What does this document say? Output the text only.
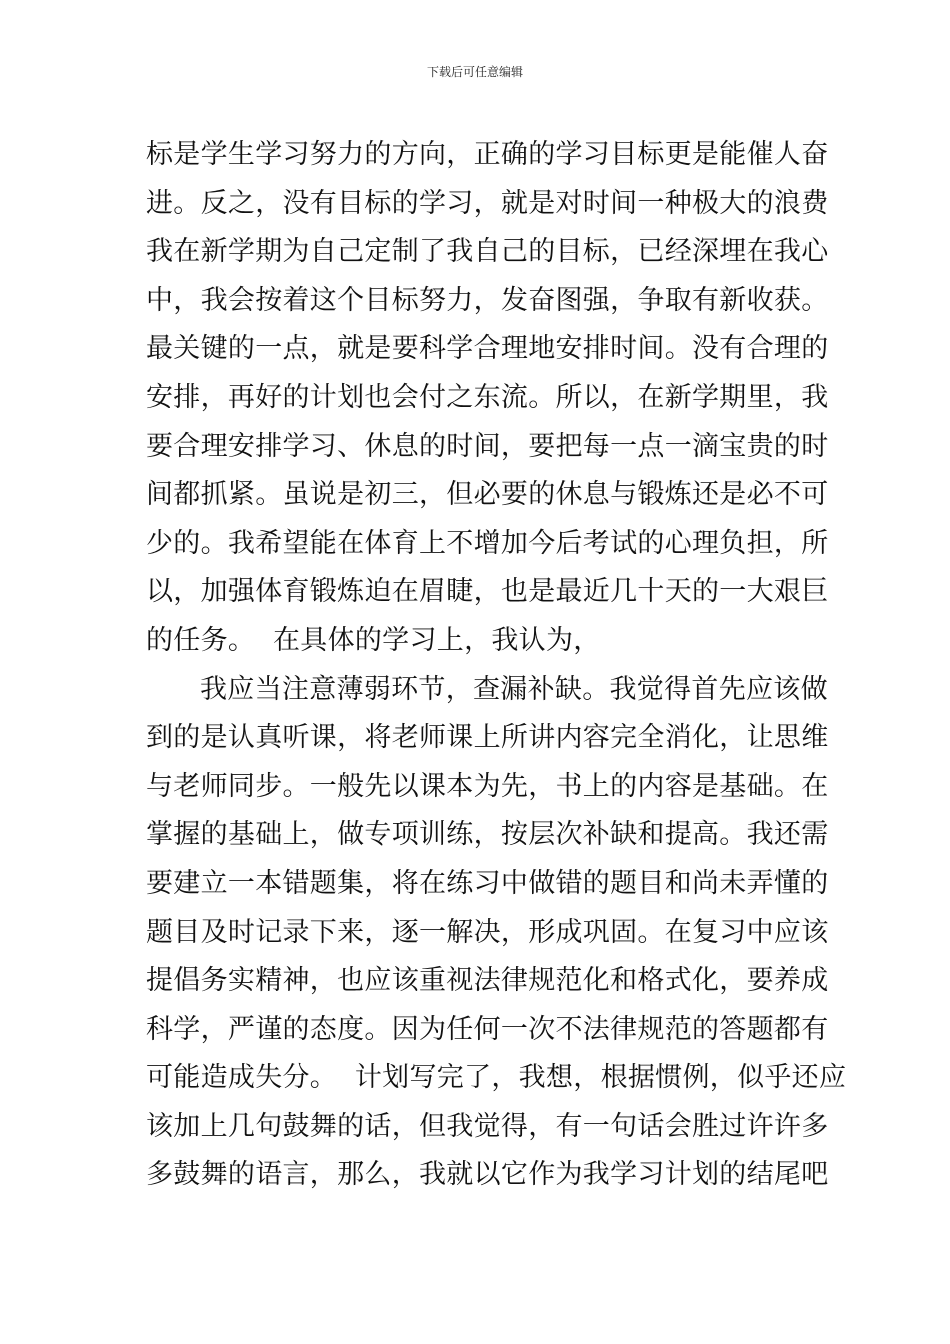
下载后可任意编辑
标是学生学习努力的方向，正确的学习目标更是能催人奋
进。反之，没有目标的学习，就是对时间一种极大的浪费
我在新学期为自己定制了我自己的目标，已经深埋在我心
中，我会按着这个目标努力，发奋图强，争取有新收获。
最关键的一点，就是要科学合理地安排时间。没有合理的
安排，再好的计划也会付之东流。所以，在新学期里，我
要合理安排学习、休息的时间，要把每一点一滴宝贵的时
间都抓紧。虽说是初三，但必要的休息与锻炼还是必不可
少的。我希望能在体育上不增加今后考试的心理负担，所
以，加强体育锻炼迫在眉睫，也是最近几十天的一大艰巨
的任务。  在具体的学习上，我认为，
我应当注意薄弱环节，查漏补缺。我觉得首先应该做
到的是认真听课，将老师课上所讲内容完全消化，让思维
与老师同步。一般先以课本为先，书上的内容是基础。在
掌握的基础上，做专项训练，按层次补缺和提高。我还需
要建立一本错题集，将在练习中做错的题目和尚未弄懂的
题目及时记录下来，逐一解决，形成巩固。在复习中应该
提倡务实精神，也应该重视法律规范化和格式化，要养成
科学，严谨的态度。因为任何一次不法律规范的答题都有
可能造成失分。  计划写完了，我想，根据惯例，似乎还应
该加上几句鼓舞的话，但我觉得，有一句话会胜过许许多
多鼓舞的语言，那么，我就以它作为我学习计划的结尾吧
